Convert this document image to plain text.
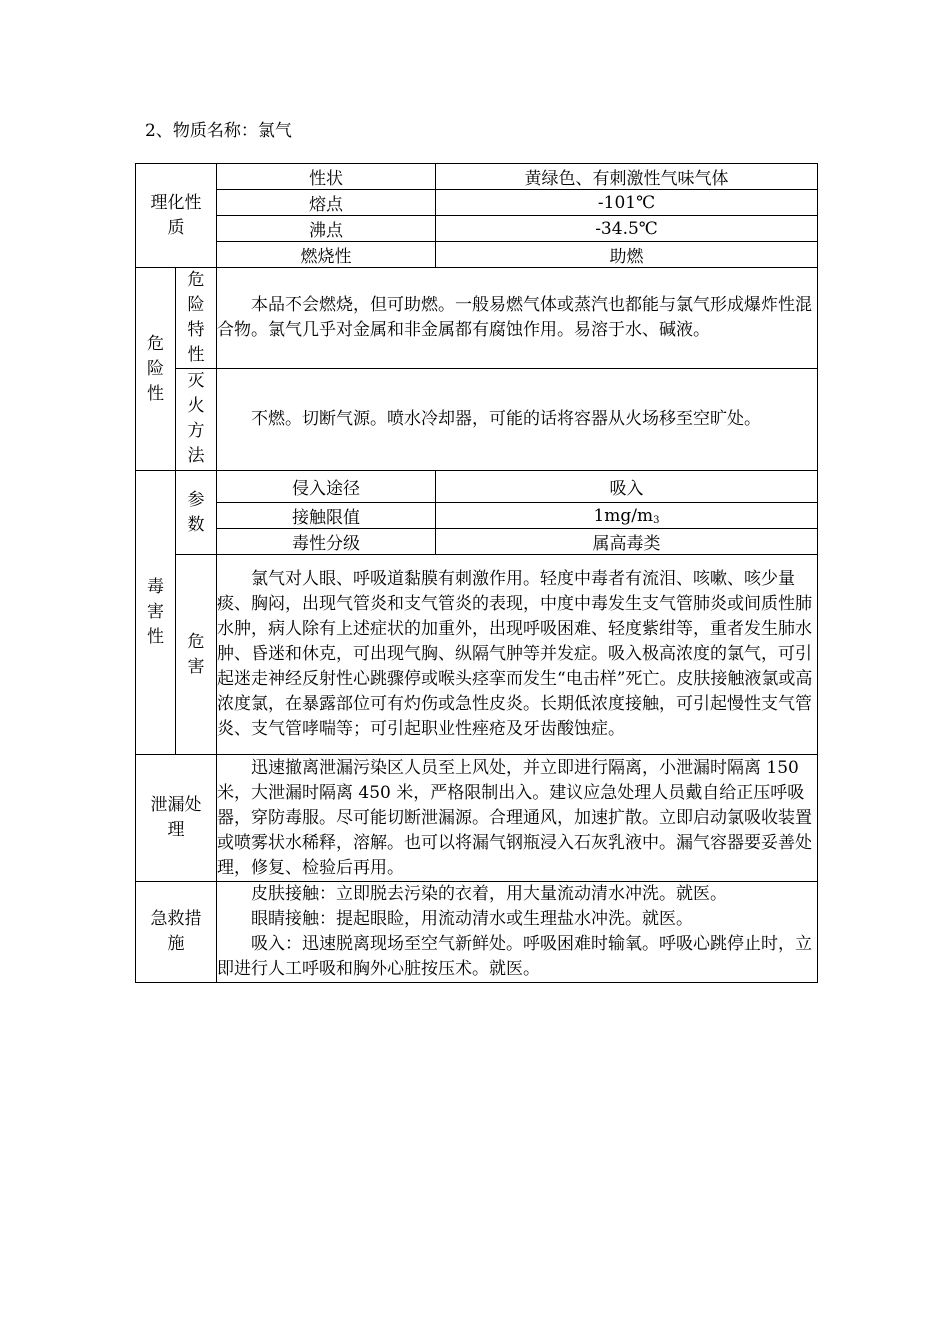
2、物质名称：氯气
理化性质		性状	黄绿色、有刺激性气味气体
		熔点	-101℃
		沸点	-34.5℃
		燃烧性	助燃

危险性	危险特性	本品不会燃烧，但可助燃。一般易燃气体或蒸汽也都能与氯气形成爆炸性混合物。氯气几乎对金属和非金属都有腐蚀作用。易溶于水、碱液。	

	灭火方法	不燃。切断气源。喷水冷却器，可能的话将容器从火场移至空旷处。	

毒害性	参数	侵入途径	吸入
		接触限值	$1mg/m_3$
		毒性分级	属高毒类

	危害	氯气对人眼、呼吸道黏膜有刺激作用。轻度中毒者有流泪、咳嗽、咳少量痰、胸闷，出现气管炎和支气管炎的表现，中度中毒发生支气管肺炎或间质性肺水肿，病人除有上述症状的加重外，出现呼吸困难、轻度紫绀等，重者发生肺水肿、昏迷和休克，可出现气胸、纵隔气肿等并发症。吸入极高浓度的氯气，可引起迷走神经反射性心跳骤停或喉头痉挛而发生“电击样”死亡。皮肤接触液氯或高浓度氯，在暴露部位可有灼伤或急性皮炎。长期低浓度接触，可引起慢性支气管炎、支气管哮喘等；可引起职业性痤疮及牙齿酸蚀症。	

泄漏处理		迅速撤离泄漏污染区人员至上风处，并立即进行隔离，小泄漏时隔离 150 米，大泄漏时隔离 450 米，严格限制出入。建议应急处理人员戴自给正压呼吸器，穿防毒服。尽可能切断泄漏源。合理通风，加速扩散。立即启动氯吸收装置或喷雾状水稀释，溶解。也可以将漏气钢瓶浸入石灰乳液中。漏气容器要妥善处理，修复、检验后再用。	

急救措施		皮肤接触：立即脱去污染的衣着，用大量流动清水冲洗。就医。
眼睛接触：提起眼睑，用流动清水或生理盐水冲洗。就医。
吸入：迅速脱离现场至空气新鲜处。呼吸困难时输氧。呼吸心跳停止时，立即进行人工呼吸和胸外心脏按压术。就医。	
